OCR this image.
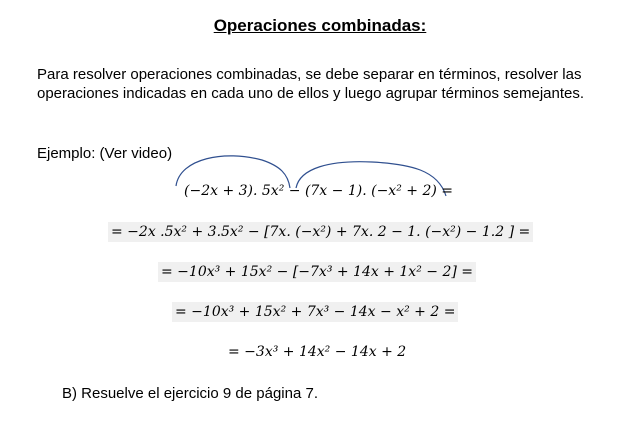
Operaciones combinadas:
Para resolver operaciones combinadas, se debe separar en términos, resolver las operaciones indicadas en cada uno de ellos y luego agrupar términos semejantes.
Ejemplo: (Ver video)
(−2x + 3). 5x² − (7x − 1). (−x² + 2) =
= −2x .5x² + 3.5x² − [7x. (−x²) + 7x. 2 − 1. (−x²) − 1.2 ] =
= −10x³ + 15x² − [−7x³ + 14x + 1x² − 2] =
= −10x³ + 15x² + 7x³ − 14x − x² + 2 =
= −3x³ + 14x² − 14x + 2
B) Resuelve el ejercicio 9 de página 7.
